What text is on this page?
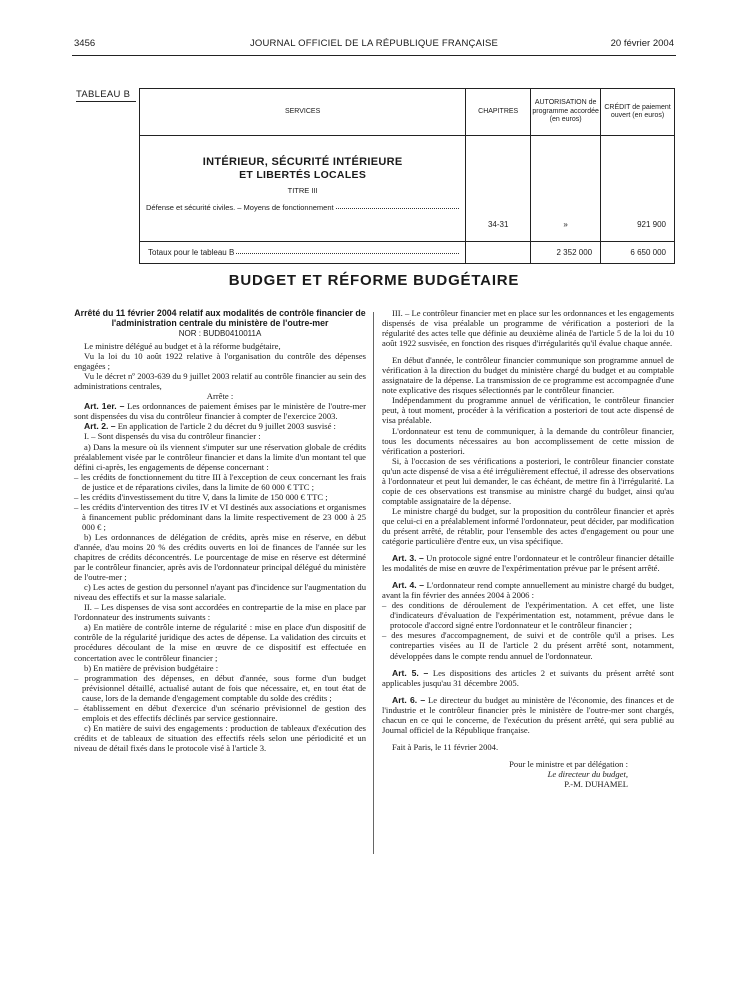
3456	JOURNAL OFFICIEL DE LA RÉPUBLIQUE FRANÇAISE	20 février 2004
TABLEAU B
SERVICES	CHAPITRES	AUTORISATION de programme accordée (en euros)	CRÉDIT de paiement ouvert (en euros)

INTÉRIEUR, SÉCURITÉ INTÉRIEURE
ET LIBERTÉS LOCALES
TITRE III
Défense et sécurité civiles. – Moyens de fonctionnement	34-31	»	921 900

Totaux pour le tableau B		2 352 000	6 650 000
BUDGET ET RÉFORME BUDGÉTAIRE
Arrêté du 11 février 2004 relatif aux modalités de contrôle financier de l'administration centrale du ministère de l'outre-mer
NOR : BUDB0410011A

Le ministre délégué au budget et à la réforme budgétaire,

Vu la loi du 10 août 1922 relative à l'organisation du contrôle des dépenses engagées ;

Vu le décret nº 2003-639 du 9 juillet 2003 relatif au contrôle financier au sein des administrations centrales,

Arrête :

Art. 1er. – Les ordonnances de paiement émises par le ministère de l'outre-mer sont dispensées du visa du contrôleur financier à compter de l'exercice 2003.

Art. 2. – En application de l'article 2 du décret du 9 juillet 2003 susvisé :

I. – Sont dispensés du visa du contrôleur financier :

a) Dans la mesure où ils viennent s'imputer sur une réservation globale de crédits préalablement visée par le contrôleur financier et dans la limite d'un montant tel que défini ci-après, les engagements de dépense concernant :

– les crédits de fonctionnement du titre III à l'exception de ceux concernant les frais de justice et de réparations civiles, dans la limite de 60 000 € TTC ;

– les crédits d'investissement du titre V, dans la limite de 150 000 € TTC ;

– les crédits d'intervention des titres IV et VI destinés aux associations et organismes à financement public prédominant dans la limite respectivement de 23 000 à 25 000 € ;

b) Les ordonnances de délégation de crédits, après mise en réserve, en début d'année, d'au moins 20 % des crédits ouverts en loi de finances de l'année sur les chapitres de crédits déconcentrés. Le pourcentage de mise en réserve est déterminé par le contrôleur financier, après avis de l'ordonnateur principal délégué du ministère de l'outre-mer ;

c) Les actes de gestion du personnel n'ayant pas d'incidence sur l'augmentation du niveau des effectifs et sur la masse salariale.

II. – Les dispenses de visa sont accordées en contrepartie de la mise en place par l'ordonnateur des instruments suivants :

a) En matière de contrôle interne de régularité : mise en place d'un dispositif de contrôle de la régularité juridique des actes de dépense. La validation des circuits et procédures découlant de la mise en œuvre de ce dispositif est effectuée en concertation avec le contrôleur financier ;

b) En matière de prévision budgétaire :

– programmation des dépenses, en début d'année, sous forme d'un budget prévisionnel détaillé, actualisé autant de fois que nécessaire, et, en tout état de cause, lors de la demande d'engagement comptable du solde des crédits ;

– établissement en début d'exercice d'un scénario prévisionnel de gestion des emplois et des effectifs déclinés par service gestionnaire.

c) En matière de suivi des engagements : production de tableaux d'exécution des crédits et de tableaux de situation des effectifs réels selon une périodicité et un niveau de détail fixés dans le protocole visé à l'article 3.

III. – Le contrôleur financier met en place sur les ordonnances et les engagements dispensés de visa préalable un programme de vérification a posteriori de la régularité des actes telle que définie au deuxième alinéa de l'article 5 de la loi du 10 août 1922 susvisée, en fonction des risques d'irrégularités qu'il évalue chaque année.

En début d'année, le contrôleur financier communique son programme annuel de vérification à la direction du budget du ministère chargé du budget et au comptable assignataire de la dépense. La transmission de ce programme est accompagnée d'une note explicative des risques sélectionnés par le contrôleur financier.

Indépendamment du programme annuel de vérification, le contrôleur financier peut, à tout moment, procéder à la vérification a posteriori de tout acte dispensé de visa préalable.

L'ordonnateur est tenu de communiquer, à la demande du contrôleur financier, tous les documents nécessaires au bon accomplissement de cette mission de vérification a posteriori.

Si, à l'occasion de ses vérifications a posteriori, le contrôleur financier constate qu'un acte dispensé de visa a été irrégulièrement effectué, il adresse des observations à l'ordonnateur et peut lui demander, le cas échéant, de mettre fin à l'irrégularité. La copie de ces observations est transmise au ministre chargé du budget, ainsi qu'au comptable assignataire de la dépense.

Le ministre chargé du budget, sur la proposition du contrôleur financier et après que celui-ci en a préalablement informé l'ordonnateur, peut décider, par modification du présent arrêté, de rétablir, pour l'ensemble des actes d'engagement ou pour une catégorie particulière d'entre eux, un visa spécifique.

Art. 3. – Un protocole signé entre l'ordonnateur et le contrôleur financier détaille les modalités de mise en œuvre de l'expérimentation prévue par le présent arrêté.

Art. 4. – L'ordonnateur rend compte annuellement au ministre chargé du budget, avant la fin février des années 2004 à 2006 :

– des conditions de déroulement de l'expérimentation. A cet effet, une liste d'indicateurs d'évaluation de l'expérimentation est, notamment, prévue dans le protocole d'accord signé entre l'ordonnateur et le contrôleur financier ;

– des mesures d'accompagnement, de suivi et de contrôle qu'il a prises. Les contreparties visées au II de l'article 2 du présent arrêté sont, notamment, développées dans le compte rendu annuel de l'ordonnateur.

Art. 5. – Les dispositions des articles 2 et suivants du présent arrêté sont applicables jusqu'au 31 décembre 2005.

Art. 6. – Le directeur du budget au ministère de l'économie, des finances et de l'industrie et le contrôleur financier près le ministère de l'outre-mer sont chargés, chacun en ce qui le concerne, de l'exécution du présent arrêté, qui sera publié au Journal officiel de la République française.

Fait à Paris, le 11 février 2004.

Pour le ministre et par délégation :

Le directeur du budget,

P.-M. DUHAMEL
